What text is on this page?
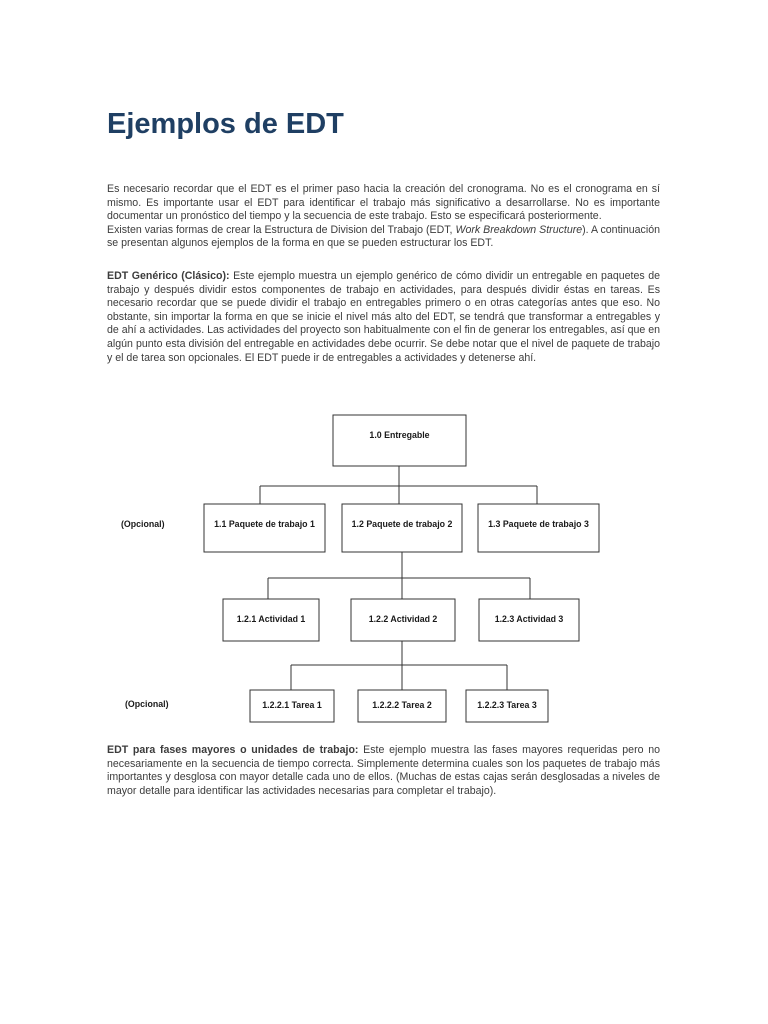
Ejemplos de EDT
Es necesario recordar que el EDT es el primer paso hacia la creación del cronograma. No es el cronograma en sí mismo. Es importante usar el EDT para identificar el trabajo más significativo a desarrollarse. No es importante documentar un pronóstico del tiempo y la secuencia de este trabajo. Esto se especificará posteriormente.
Existen varias formas de crear la Estructura de Division del Trabajo (EDT, Work Breakdown Structure). A continuación se presentan algunos ejemplos de la forma en que se pueden estructurar los EDT.

EDT Genérico (Clásico): Este ejemplo muestra un ejemplo genérico de cómo dividir un entregable en paquetes de trabajo y después dividir estos componentes de trabajo en actividades, para después dividir éstas en tareas. Es necesario recordar que se puede dividir el trabajo en entregables primero o en otras categorías antes que eso. No obstante, sin importar la forma en que se inicie el nivel más alto del EDT, se tendrá que transformar a entregables y de ahí a actividades. Las actividades del proyecto son habitualmente con el fin de generar los entregables, así que en algún punto esta división del entregable en actividades debe ocurrir. Se debe notar que el nivel de paquete de trabajo y el de tarea son opcionales. El EDT puede ir de entregables a actividades y detenerse ahí.

1.0 Entregable
(Opcional)
(Opcional)
1.1 Paquete de trabajo 1	1.2 Paquete de trabajo 2	1.3 Paquete de trabajo 3
1.2.1 Actividad 1	1.2.2 Actividad 2	1.2.3 Actividad 3
1.2.2.1 Tarea 1	1.2.2.2 Tarea 2	1.2.2.3 Tarea 3

EDT para fases mayores o unidades de trabajo: Este ejemplo muestra las fases mayores requeridas pero no necesariamente en la secuencia de tiempo correcta. Simplemente determina cuales son los paquetes de trabajo más importantes y desglosa con mayor detalle cada uno de ellos. (Muchas de estas cajas serán desglosadas a niveles de mayor detalle para identificar las actividades necesarias para completar el trabajo).
